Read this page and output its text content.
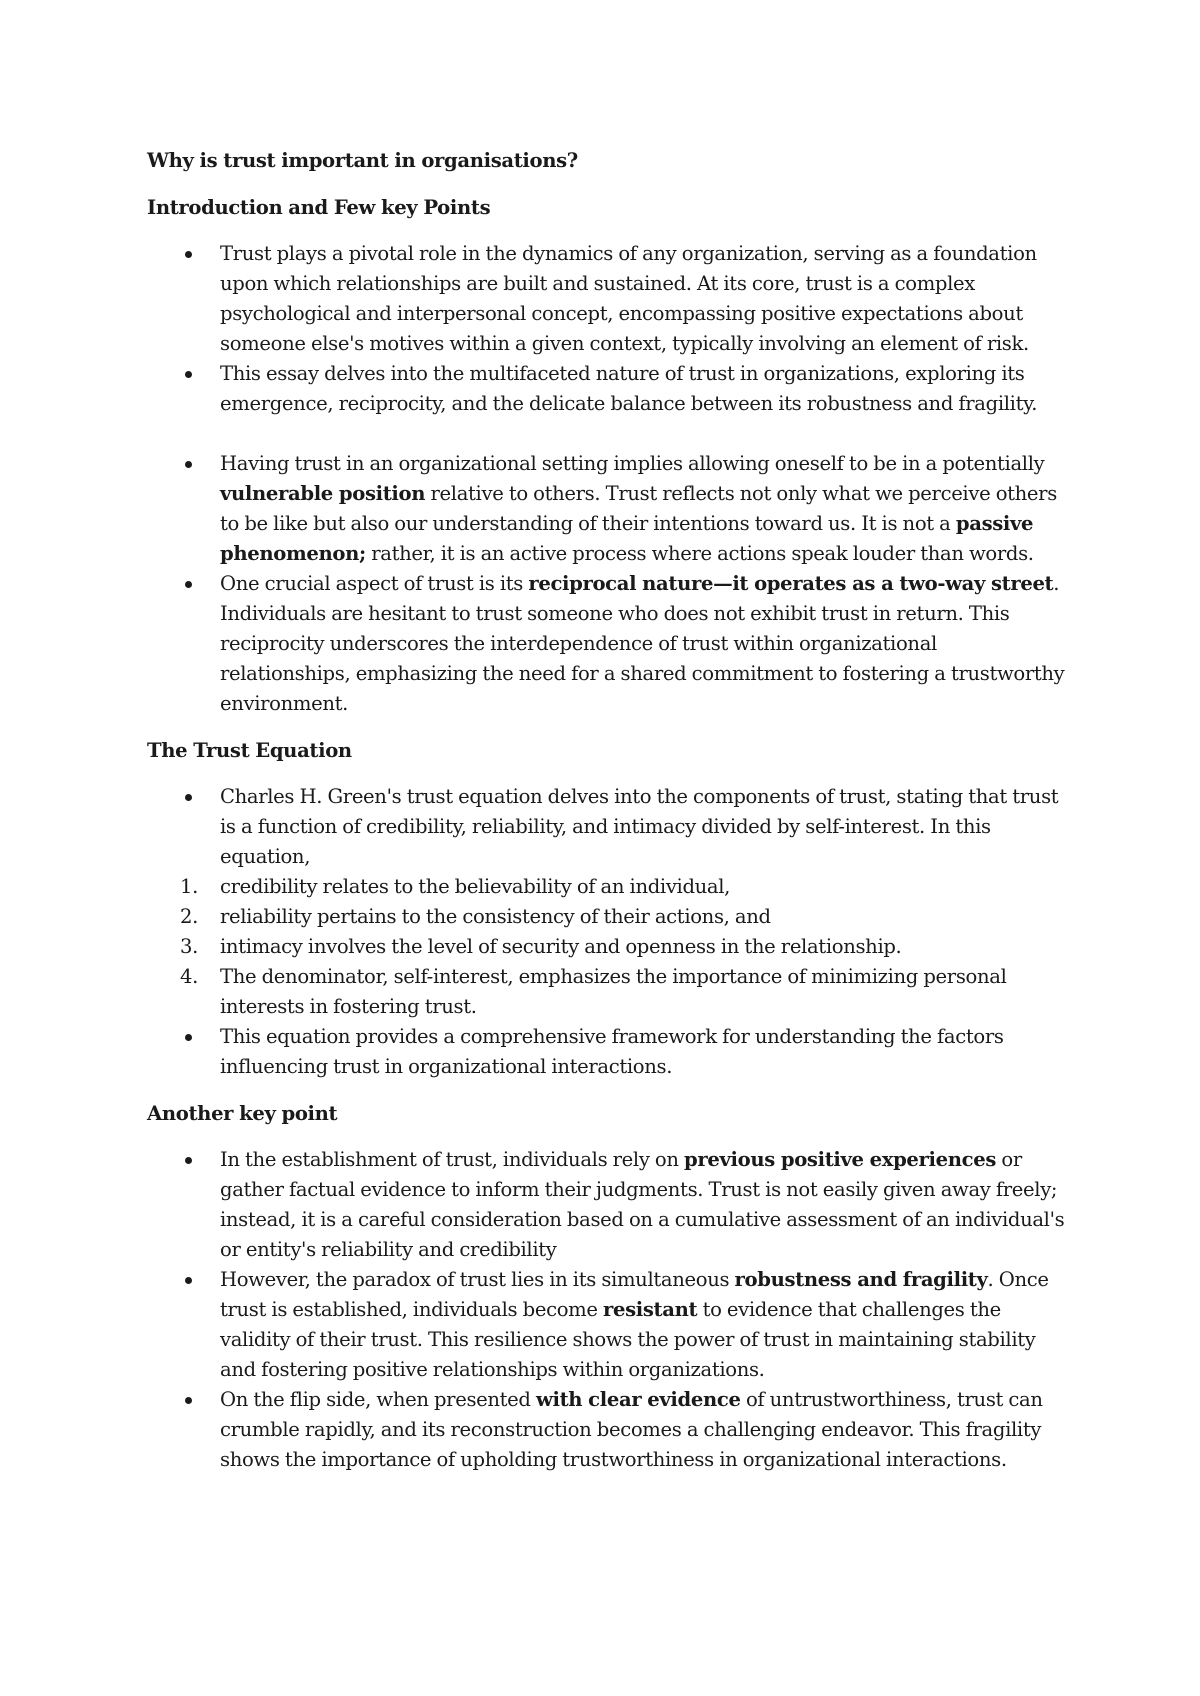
Why is trust important in organisations?
Introduction and Few key Points
Trust plays a pivotal role in the dynamics of any organization, serving as a foundation upon which relationships are built and sustained. At its core, trust is a complex psychological and interpersonal concept, encompassing positive expectations about someone else's motives within a given context, typically involving an element of risk.
This essay delves into the multifaceted nature of trust in organizations, exploring its emergence, reciprocity, and the delicate balance between its robustness and fragility.
Having trust in an organizational setting implies allowing oneself to be in a potentially vulnerable position relative to others. Trust reflects not only what we perceive others to be like but also our understanding of their intentions toward us. It is not a passive phenomenon; rather, it is an active process where actions speak louder than words.
One crucial aspect of trust is its reciprocal nature—it operates as a two-way street. Individuals are hesitant to trust someone who does not exhibit trust in return. This reciprocity underscores the interdependence of trust within organizational relationships, emphasizing the need for a shared commitment to fostering a trustworthy environment.
The Trust Equation
Charles H. Green's trust equation delves into the components of trust, stating that trust is a function of credibility, reliability, and intimacy divided by self-interest. In this equation,
1. credibility relates to the believability of an individual,
2. reliability pertains to the consistency of their actions, and
3. intimacy involves the level of security and openness in the relationship.
4. The denominator, self-interest, emphasizes the importance of minimizing personal interests in fostering trust.
This equation provides a comprehensive framework for understanding the factors influencing trust in organizational interactions.
Another key point
In the establishment of trust, individuals rely on previous positive experiences or gather factual evidence to inform their judgments. Trust is not easily given away freely; instead, it is a careful consideration based on a cumulative assessment of an individual's or entity's reliability and credibility
However, the paradox of trust lies in its simultaneous robustness and fragility. Once trust is established, individuals become resistant to evidence that challenges the validity of their trust. This resilience shows the power of trust in maintaining stability and fostering positive relationships within organizations.
On the flip side, when presented with clear evidence of untrustworthiness, trust can crumble rapidly, and its reconstruction becomes a challenging endeavor. This fragility shows the importance of upholding trustworthiness in organizational interactions.
